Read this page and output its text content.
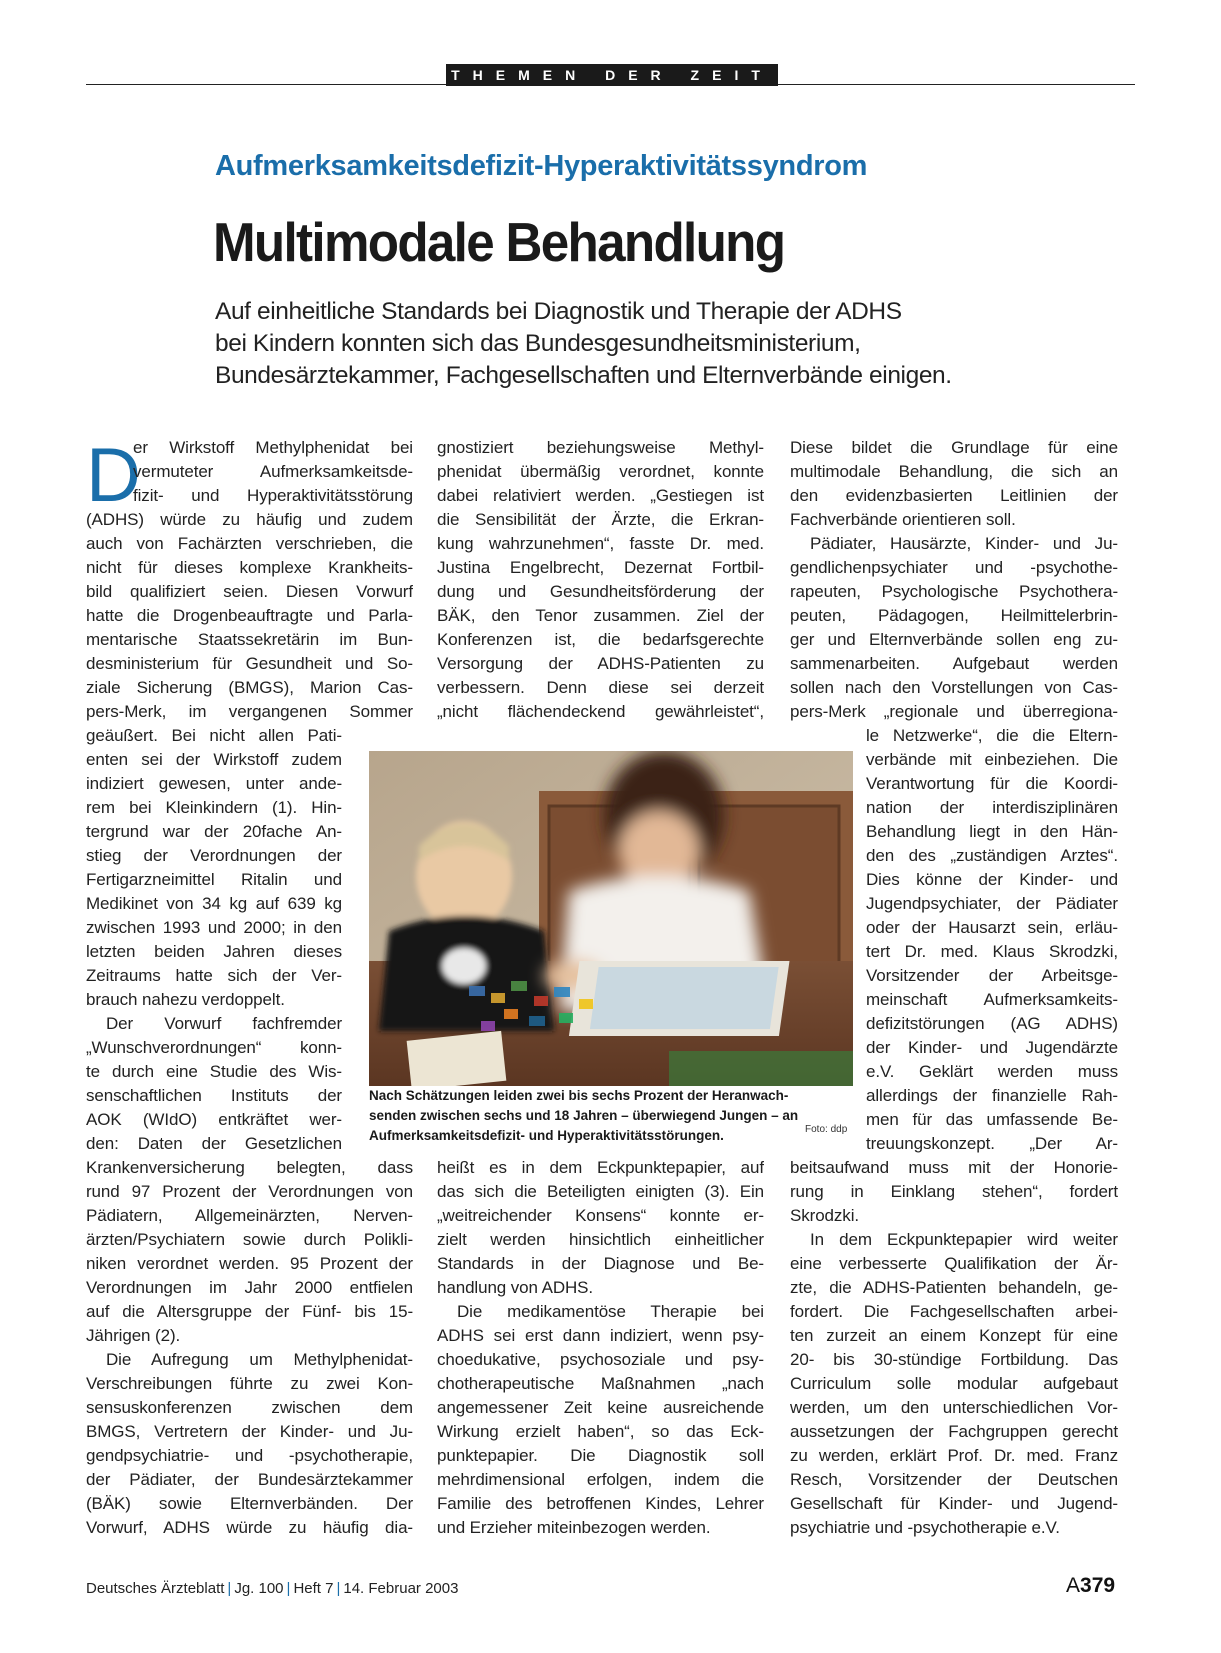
THEMEN DER ZEIT
Aufmerksamkeitsdefizit-Hyperaktivitätssyndrom
Multimodale Behandlung
Auf einheitliche Standards bei Diagnostik und Therapie der ADHS
bei Kindern konnten sich das Bundesgesundheitsministerium,
Bundesärztekammer, Fachgesellschaften und Elternverbände einigen.
D
er Wirkstoff Methylphenidat bei
vermuteter Aufmerksamkeitsde-
fizit- und Hyperaktivitätsstörung
(ADHS) würde zu häufig und zudem
auch von Fachärzten verschrieben, die
nicht für dieses komplexe Krankheits-
bild qualifiziert seien. Diesen Vorwurf
hatte die Drogenbeauftragte und Parla-
mentarische Staatssekretärin im Bun-
desministerium für Gesundheit und So-
ziale Sicherung (BMGS), Marion Cas-
pers-Merk, im vergangenen Sommer
geäußert. Bei nicht allen Pati-
enten sei der Wirkstoff zudem
indiziert gewesen, unter ande-
rem bei Kleinkindern (1). Hin-
tergrund war der 20fache An-
stieg der Verordnungen der
Fertigarzneimittel Ritalin und
Medikinet von 34 kg auf 639 kg
zwischen 1993 und 2000; in den
letzten beiden Jahren dieses
Zeitraums hatte sich der Ver-
brauch nahezu verdoppelt.
Der Vorwurf fachfremder
„Wunschverordnungen“ konn-
te durch eine Studie des Wis-
senschaftlichen Instituts der
AOK (WIdO) entkräftet wer-
den: Daten der Gesetzlichen
Krankenversicherung belegten, dass
rund 97 Prozent der Verordnungen von
Pädiatern, Allgemeinärzten, Nerven-
ärzten/Psychiatern sowie durch Polikli-
niken verordnet werden. 95 Prozent der
Verordnungen im Jahr 2000 entfielen
auf die Altersgruppe der Fünf- bis 15-
Jährigen (2).
Die Aufregung um Methylphenidat-
Verschreibungen führte zu zwei Kon-
sensuskonferenzen zwischen dem
BMGS, Vertretern der Kinder- und Ju-
gendpsychiatrie- und -psychotherapie,
der Pädiater, der Bundesärztekammer
(BÄK) sowie Elternverbänden. Der
Vorwurf, ADHS würde zu häufig dia-
gnostiziert beziehungsweise Methyl-
phenidat übermäßig verordnet, konnte
dabei relativiert werden. „Gestiegen ist
die Sensibilität der Ärzte, die Erkran-
kung wahrzunehmen“, fasste Dr. med.
Justina Engelbrecht, Dezernat Fortbil-
dung und Gesundheitsförderung der
BÄK, den Tenor zusammen. Ziel der
Konferenzen ist, die bedarfsgerechte
Versorgung der ADHS-Patienten zu
verbessern. Denn diese sei derzeit
„nicht flächendeckend gewährleistet“,
heißt es in dem Eckpunktepapier, auf
das sich die Beteiligten einigten (3). Ein
„weitreichender Konsens“ konnte er-
zielt werden hinsichtlich einheitlicher
Standards in der Diagnose und Be-
handlung von ADHS.
Die medikamentöse Therapie bei
ADHS sei erst dann indiziert, wenn psy-
choedukative, psychosoziale und psy-
chotherapeutische Maßnahmen „nach
angemessener Zeit keine ausreichende
Wirkung erzielt haben“, so das Eck-
punktepapier. Die Diagnostik soll
mehrdimensional erfolgen, indem die
Familie des betroffenen Kindes, Lehrer
und Erzieher miteinbezogen werden.
Diese bildet die Grundlage für eine
multimodale Behandlung, die sich an
den evidenzbasierten Leitlinien der
Fachverbände orientieren soll.
Pädiater, Hausärzte, Kinder- und Ju-
gendlichenpsychiater und -psychothe-
rapeuten, Psychologische Psychothera-
peuten, Pädagogen, Heilmittelerbrin-
ger und Elternverbände sollen eng zu-
sammenarbeiten. Aufgebaut werden
sollen nach den Vorstellungen von Cas-
pers-Merk „regionale und überregiona-
le Netzwerke“, die die Eltern-
verbände mit einbeziehen. Die
Verantwortung für die Koordi-
nation der interdisziplinären
Behandlung liegt in den Hän-
den des „zuständigen Arztes“.
Dies könne der Kinder- und
Jugendpsychiater, der Pädiater
oder der Hausarzt sein, erläu-
tert Dr. med. Klaus Skrodzki,
Vorsitzender der Arbeitsge-
meinschaft Aufmerksamkeits-
defizitstörungen (AG ADHS)
der Kinder- und Jugendärzte
e.V. Geklärt werden muss
allerdings der finanzielle Rah-
men für das umfassende Be-
treuungskonzept. „Der Ar-
beitsaufwand muss mit der Honorie-
rung in Einklang stehen“, fordert
Skrodzki.
In dem Eckpunktepapier wird weiter
eine verbesserte Qualifikation der Är-
zte, die ADHS-Patienten behandeln, ge-
fordert. Die Fachgesellschaften arbei-
ten zurzeit an einem Konzept für eine
20- bis 30-stündige Fortbildung. Das
Curriculum solle modular aufgebaut
werden, um den unterschiedlichen Vor-
aussetzungen der Fachgruppen gerecht
zu werden, erklärt Prof. Dr. med. Franz
Resch, Vorsitzender der Deutschen
Gesellschaft für Kinder- und Jugend-
psychiatrie und -psychotherapie e.V.
Nach Schätzungen leiden zwei bis sechs Prozent der Heranwach-
senden zwischen sechs und 18 Jahren – überwiegend Jungen – an
Aufmerksamkeitsdefizit- und Hyperaktivitätsstörungen.	Foto: ddp
Deutsches Ärzteblatt | Jg. 100 | Heft 7 | 14. Februar 2003	A379
